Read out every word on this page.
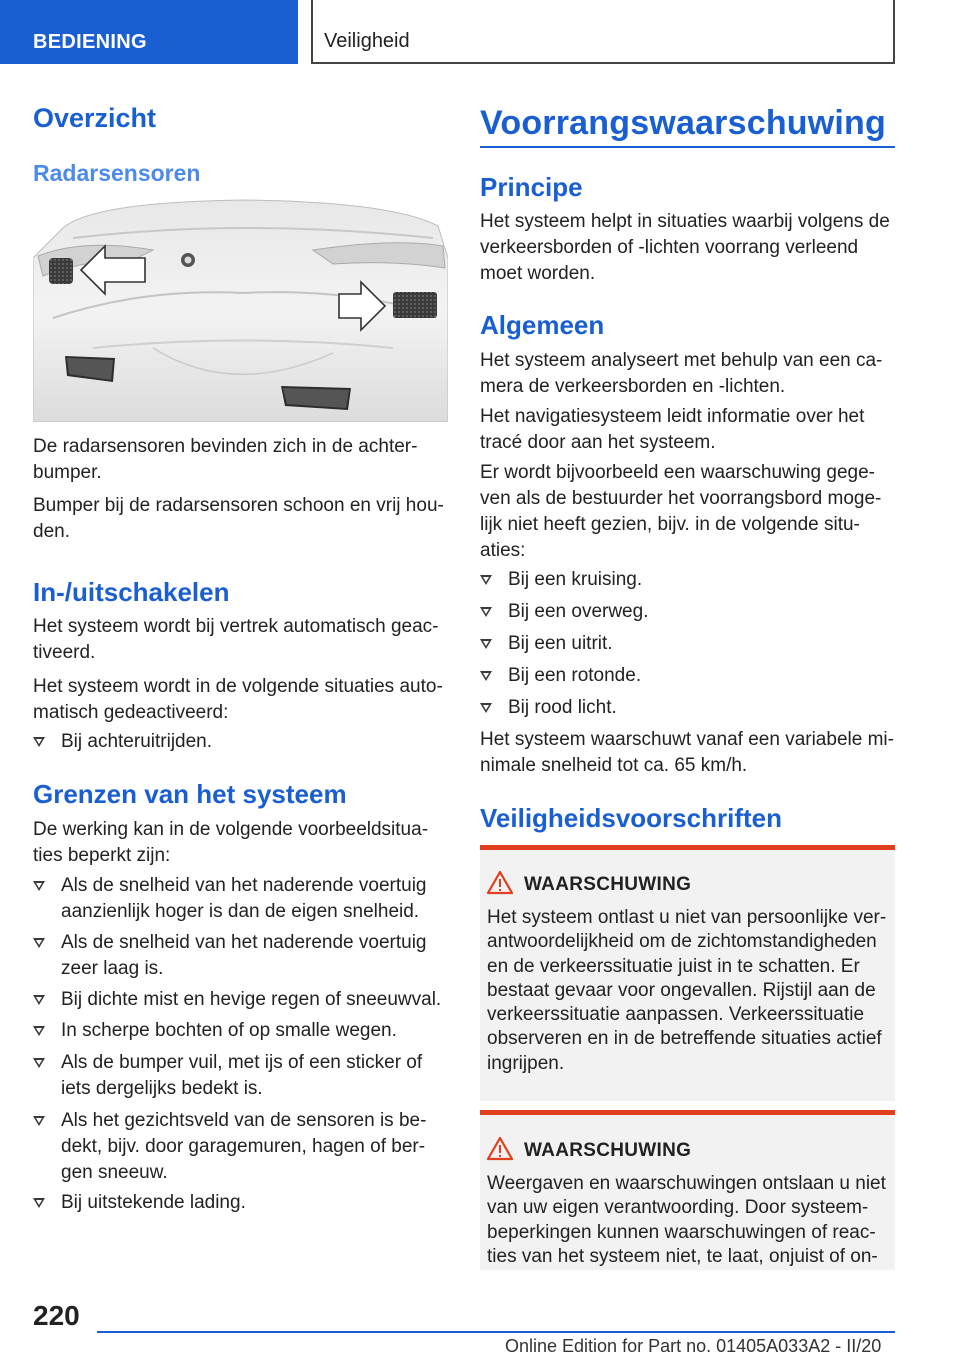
BEDIENING	Veiligheid
Overzicht
Radarsensoren
De radarsensoren bevinden zich in de achter-
bumper.
Bumper bij de radarsensoren schoon en vrij hou-
den.
In-/uitschakelen
Het systeem wordt bij vertrek automatisch geac-
tiveerd.
Het systeem wordt in de volgende situaties auto-
matisch gedeactiveerd:
Bij achteruitrijden.
Grenzen van het systeem
De werking kan in de volgende voorbeeldsitua-
ties beperkt zijn:
Als de snelheid van het naderende voertuig
aanzienlijk hoger is dan de eigen snelheid.
Als de snelheid van het naderende voertuig
zeer laag is.
Bij dichte mist en hevige regen of sneeuwval.
In scherpe bochten of op smalle wegen.
Als de bumper vuil, met ijs of een sticker of
iets dergelijks bedekt is.
Als het gezichtsveld van de sensoren is be-
dekt, bijv. door garagemuren, hagen of ber-
gen sneeuw.
Bij uitstekende lading.
Voorrangswaarschuwing
Principe
Het systeem helpt in situaties waarbij volgens de
verkeersborden of -lichten voorrang verleend
moet worden.
Algemeen
Het systeem analyseert met behulp van een ca-
mera de verkeersborden en -lichten.
Het navigatiesysteem leidt informatie over het
tracé door aan het systeem.
Er wordt bijvoorbeeld een waarschuwing gege-
ven als de bestuurder het voorrangsbord moge-
lijk niet heeft gezien, bijv. in de volgende situ-
aties:
Bij een kruising.
Bij een overweg.
Bij een uitrit.
Bij een rotonde.
Bij rood licht.
Het systeem waarschuwt vanaf een variabele mi-
nimale snelheid tot ca. 65 km/h.
Veiligheidsvoorschriften
WAARSCHUWING
Het systeem ontlast u niet van persoonlijke ver-
antwoordelijkheid om de zichtomstandigheden
en de verkeerssituatie juist in te schatten. Er
bestaat gevaar voor ongevallen. Rijstijl aan de
verkeerssituatie aanpassen. Verkeerssituatie
observeren en in de betreffende situaties actief
ingrijpen.
WAARSCHUWING
Weergaven en waarschuwingen ontslaan u niet
van uw eigen verantwoording. Door systeem-
beperkingen kunnen waarschuwingen of reac-
ties van het systeem niet, te laat, onjuist of on-
220
Online Edition for Part no. 01405A033A2 - II/20
